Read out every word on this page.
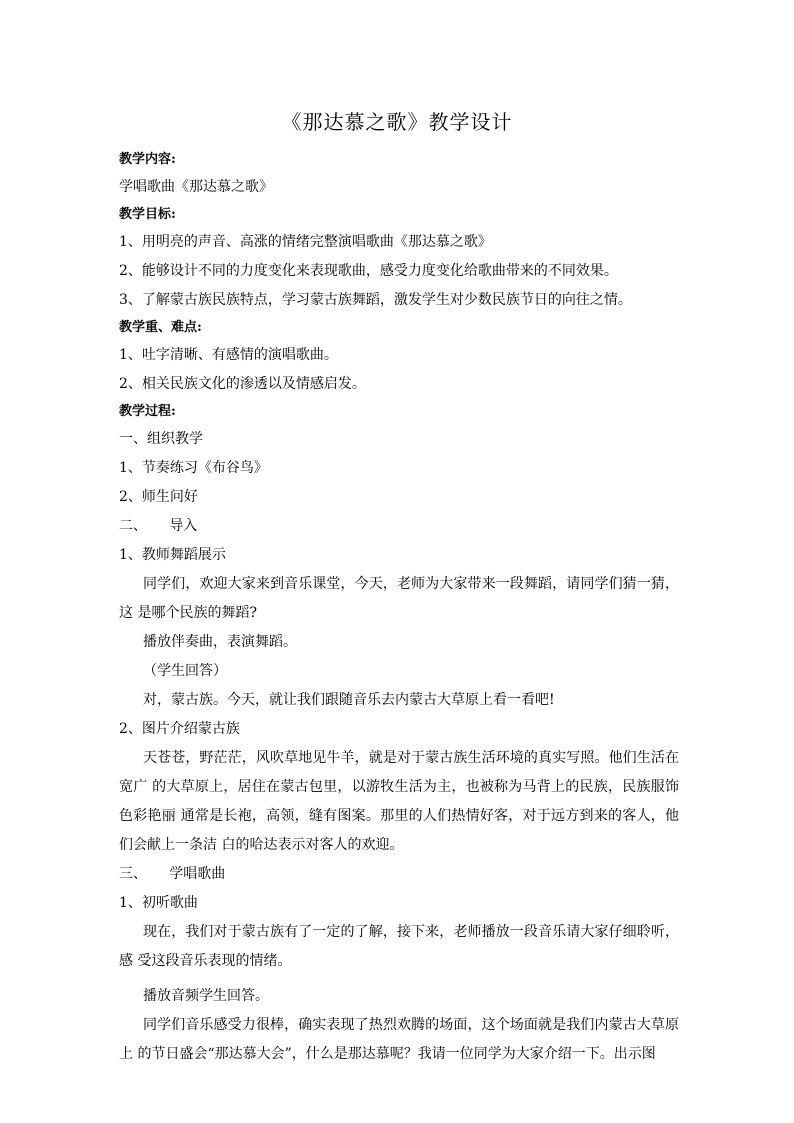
《那达慕之歌》教学设计
教学内容:
学唱歌曲《那达慕之歌》
教学目标:
1、用明亮的声音、高涨的情绪完整演唱歌曲《那达慕之歌》
2、能够设计不同的力度变化来表现歌曲，感受力度变化给歌曲带来的不同效果。
3、了解蒙古族民族特点，学习蒙古族舞蹈，激发学生对少数民族节日的向往之情。
教学重、难点:
1、吐字清晰、有感情的演唱歌曲。
2、相关民族文化的渗透以及情感启发。
教学过程:
一、组织教学
1、节奏练习《布谷鸟》
2、师生问好
二、     导入
1、教师舞蹈展示
同学们，欢迎大家来到音乐课堂，今天，老师为大家带来一段舞蹈，请同学们猜一猜，这 是哪个民族的舞蹈?
播放伴奏曲，表演舞蹈。
（学生回答）
对，蒙古族。今天，就让我们跟随音乐去内蒙古大草原上看一看吧!
2、图片介绍蒙古族
天苍苍，野茫茫，风吹草地见牛羊，就是对于蒙古族生活环境的真实写照。他们生活在宽广 的大草原上，居住在蒙古包里，以游牧生活为主，也被称为马背上的民族，民族服饰色彩艳丽 通常是长袍，高领，缝有图案。那里的人们热情好客，对于远方到来的客人，他们会献上一条洁 白的哈达表示对客人的欢迎。
三、     学唱歌曲
1、初听歌曲
现在，我们对于蒙古族有了一定的了解，接下来，老师播放一段音乐请大家仔细聆听，感 受这段音乐表现的情绪。
播放音频学生回答。
同学们音乐感受力很棒，确实表现了热烈欢腾的场面，这个场面就是我们内蒙古大草原上 的节日盛会“那达慕大会”，什么是那达慕呢？我请一位同学为大家介绍一下。出示图
